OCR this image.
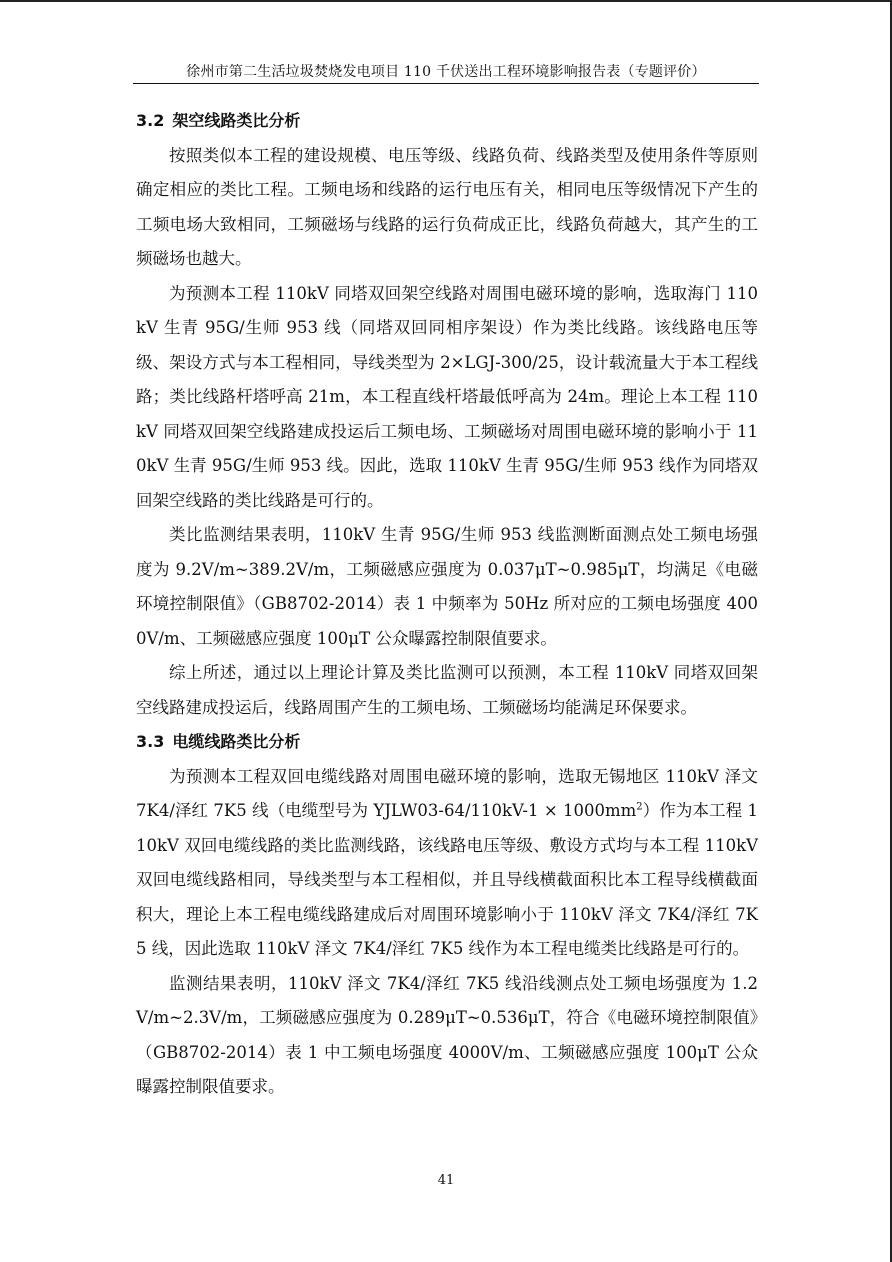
徐州市第二生活垃圾焚烧发电项目 110 千伏送出工程环境影响报告表（专题评价）
3.2 架空线路类比分析

按照类似本工程的建设规模、电压等级、线路负荷、线路类型及使用条件等原则确定相应的类比工程。工频电场和线路的运行电压有关，相同电压等级情况下产生的工频电场大致相同，工频磁场与线路的运行负荷成正比，线路负荷越大，其产生的工频磁场也越大。

为预测本工程 110kV 同塔双回架空线路对周围电磁环境的影响，选取海门 110kV 生青 95G/生师 953 线（同塔双回同相序架设）作为类比线路。该线路电压等级、架设方式与本工程相同，导线类型为 2×LGJ-300/25，设计载流量大于本工程线路；类比线路杆塔呼高 21m，本工程直线杆塔最低呼高为 24m。理论上本工程 110kV 同塔双回架空线路建成投运后工频电场、工频磁场对周围电磁环境的影响小于 110kV 生青 95G/生师 953 线。因此，选取 110kV 生青 95G/生师 953 线作为同塔双回架空线路的类比线路是可行的。

类比监测结果表明，110kV 生青 95G/生师 953 线监测断面测点处工频电场强度为 9.2V/m~389.2V/m，工频磁感应强度为 0.037μT~0.985μT，均满足《电磁环境控制限值》（GB8702-2014）表 1 中频率为 50Hz 所对应的工频电场强度 4000V/m、工频磁感应强度 100μT 公众曝露控制限值要求。

综上所述，通过以上理论计算及类比监测可以预测，本工程 110kV 同塔双回架空线路建成投运后，线路周围产生的工频电场、工频磁场均能满足环保要求。

3.3 电缆线路类比分析

为预测本工程双回电缆线路对周围电磁环境的影响，选取无锡地区 110kV 泽文 7K4/泽红 7K5 线（电缆型号为 YJLW03-64/110kV-1 × $1000mm^2$）作为本工程 110kV 双回电缆线路的类比监测线路，该线路电压等级、敷设方式均与本工程 110kV 双回电缆线路相同，导线类型与本工程相似，并且导线横截面积比本工程导线横截面积大，理论上本工程电缆线路建成后对周围环境影响小于 110kV 泽文 7K4/泽红 7K5 线，因此选取 110kV 泽文 7K4/泽红 7K5 线作为本工程电缆类比线路是可行的。

监测结果表明，110kV 泽文 7K4/泽红 7K5 线沿线测点处工频电场强度为 1.2V/m~2.3V/m，工频磁感应强度为 0.289μT~0.536μT，符合《电磁环境控制限值》（GB8702-2014）表 1 中工频电场强度 4000V/m、工频磁感应强度 100μT 公众曝露控制限值要求。

41
